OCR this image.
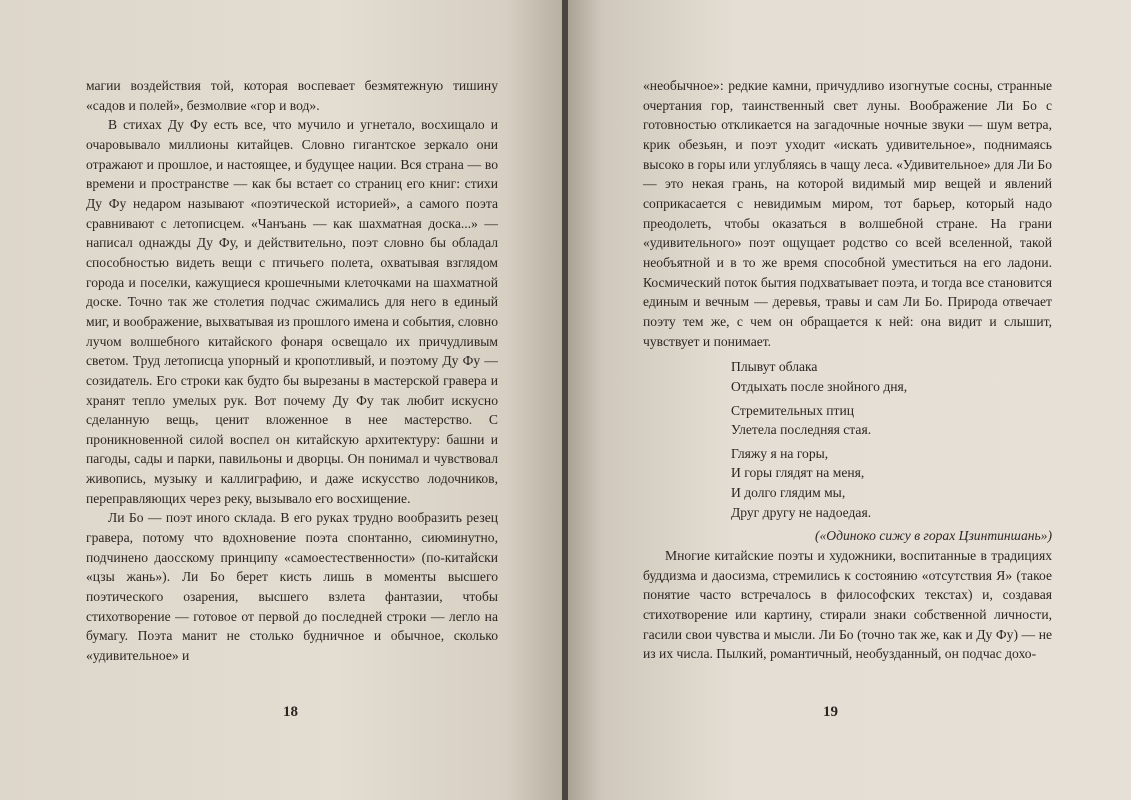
магии воздействия той, которая воспевает безмятежную тишину «садов и полей», безмолвие «гор и вод».

В стихах Ду Фу есть все, что мучило и угнетало, восхищало и очаровывало миллионы китайцев. Словно гигантское зеркало они отражают и прошлое, и настоящее, и будущее нации. Вся страна — во времени и пространстве — как бы встает со страниц его книг: стихи Ду Фу недаром называют «поэтической историей», а самого поэта сравнивают с летописцем. «Чанъань — как шахматная доска...» — написал однажды Ду Фу, и действительно, поэт словно бы обладал способностью видеть вещи с птичьего полета, охватывая взглядом города и поселки, кажущиеся крошечными клеточками на шахматной доске. Точно так же столетия подчас сжимались для него в единый миг, и воображение, выхватывая из прошлого имена и события, словно лучом волшебного китайского фонаря освещало их причудливым светом. Труд летописца упорный и кропотливый, и поэтому Ду Фу — созидатель. Его строки как будто бы вырезаны в мастерской гравера и хранят тепло умелых рук. Вот почему Ду Фу так любит искусно сделанную вещь, ценит вложенное в нее мастерство. С проникновенной силой воспел он китайскую архитектуру: башни и пагоды, сады и парки, павильоны и дворцы. Он понимал и чувствовал живопись, музыку и каллиграфию, и даже искусство лодочников, переправляющих через реку, вызывало его восхищение.

Ли Бо — поэт иного склада. В его руках трудно вообразить резец гравера, потому что вдохновение поэта спонтанно, сиюминутно, подчинено даосскому принципу «самоестественности» (по-китайски «цзы жань»). Ли Бо берет кисть лишь в моменты высшего поэтического озарения, высшего взлета фантазии, чтобы стихотворение — готовое от первой до последней строки — легло на бумагу. Поэта манит не столько будничное и обычное, сколько «удивительное» и

18

«необычное»: редкие камни, причудливо изогнутые сосны, странные очертания гор, таинственный свет луны. Воображение Ли Бо с готовностью откликается на загадочные ночные звуки — шум ветра, крик обезьян, и поэт уходит «искать удивительное», поднимаясь высоко в горы или углубляясь в чащу леса. «Удивительное» для Ли Бо — это некая грань, на которой видимый мир вещей и явлений соприкасается с невидимым миром, тот барьер, который надо преодолеть, чтобы оказаться в волшебной стране. На грани «удивительного» поэт ощущает родство со всей вселенной, такой необъятной и в то же время способной уместиться на его ладони. Космический поток бытия подхватывает поэта, и тогда все становится единым и вечным — деревья, травы и сам Ли Бо. Природа отвечает поэту тем же, с чем он обращается к ней: она видит и слышит, чувствует и понимает.

Плывут облака
Отдыхать после знойного дня,
Стремительных птиц
Улетела последняя стая.
Гляжу я на горы,
И горы глядят на меня,
И долго глядим мы,
Друг другу не надоедая.

(«Одиноко сижу в горах Цзинтиншань»)

Многие китайские поэты и художники, воспитанные в традициях буддизма и даосизма, стремились к состоянию «отсутствия Я» (такое понятие часто встречалось в философских текстах) и, создавая стихотворение или картину, стирали знаки собственной личности, гасили свои чувства и мысли. Ли Бо (точно так же, как и Ду Фу) — не из их числа. Пылкий, романтичный, необузданный, он подчас дохо-

19
